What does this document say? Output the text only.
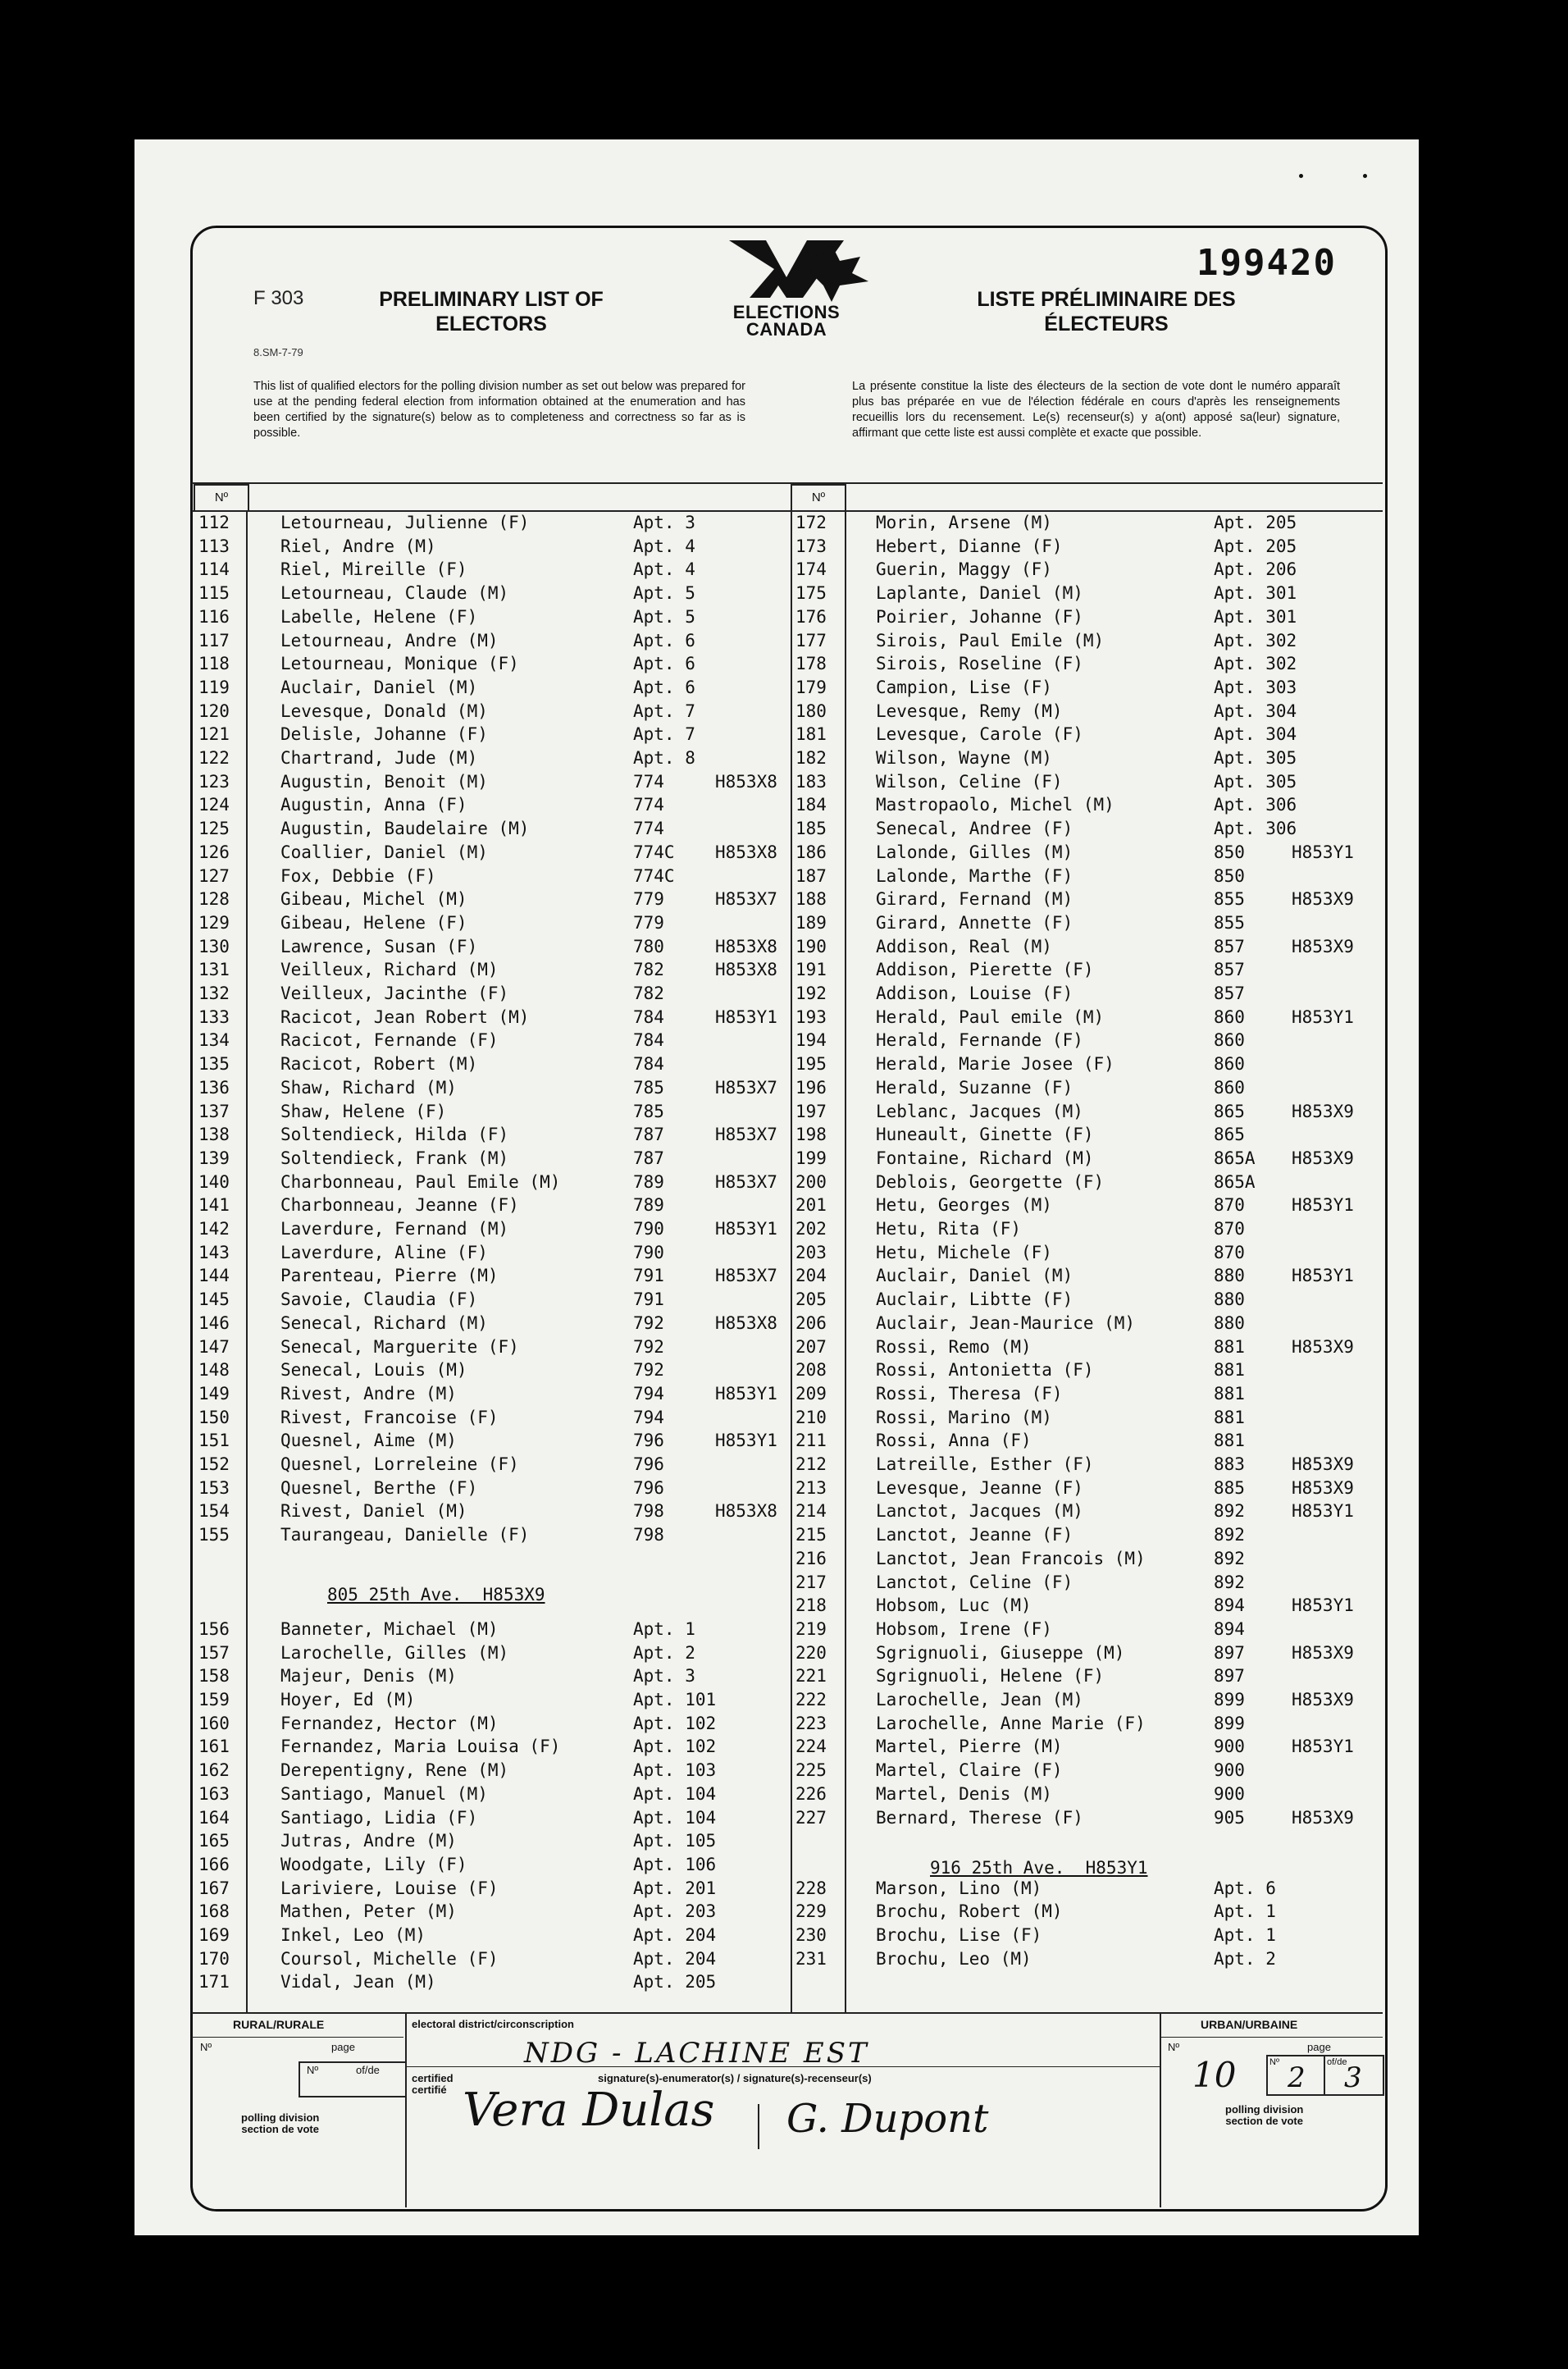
199420
F 303
8.SM-7-79
PRELIMINARY LIST OF
ELECTORS
LISTE PRÉLIMINAIRE DES
ÉLECTEURS
ELECTIONS
CANADA
This list of qualified electors for the polling division number as set out below was prepared for use at the pending federal election from information obtained at the enumeration and has been certified by the signature(s) below as to completeness and correctness so far as is possible.
La présente constitue la liste des électeurs de la section de vote dont le numéro apparaît plus bas préparée en vue de l'élection fédérale en cours d'après les renseignements recueillis lors du recensement. Le(s) recenseur(s) y a(ont) apposé sa(leur) signature, affirmant que cette liste est aussi complète et exacte que possible.
Nº	Nº
112	Letourneau, Julienne (F)	Apt. 3
113	Riel, Andre (M)	Apt. 4
114	Riel, Mireille (F)	Apt. 4
115	Letourneau, Claude (M)	Apt. 5
116	Labelle, Helene (F)	Apt. 5
117	Letourneau, Andre (M)	Apt. 6
118	Letourneau, Monique (F)	Apt. 6
119	Auclair, Daniel (M)	Apt. 6
120	Levesque, Donald (M)	Apt. 7
121	Delisle, Johanne (F)	Apt. 7
122	Chartrand, Jude (M)	Apt. 8
123	Augustin, Benoit (M)	774	H853X8
124	Augustin, Anna (F)	774
125	Augustin, Baudelaire (M)	774
126	Coallier, Daniel (M)	774C H853X8
127	Fox, Debbie (F)	774C
128	Gibeau, Michel (M)	779	H853X7
129	Gibeau, Helene (F)	779
130	Lawrence, Susan (F)	780	H853X8
131	Veilleux, Richard (M)	782	H853X8
132	Veilleux, Jacinthe (F)	782
133	Racicot, Jean Robert (M)	784	H853Y1
134	Racicot, Fernande (F)	784
135	Racicot, Robert (M)	784
136	Shaw, Richard (M)	785	H853X7
137	Shaw, Helene (F)	785
138	Soltendieck, Hilda (F)	787	H853X7
139	Soltendieck, Frank (M)	787
140	Charbonneau, Paul Emile (M)	789	H853X7
141	Charbonneau, Jeanne (F)	789
142	Laverdure, Fernand (M)	790	H853Y1
143	Laverdure, Aline (F)	790
144	Parenteau, Pierre (M)	791	H853X7
145	Savoie, Claudia (F)	791
146	Senecal, Richard (M)	792	H853X8
147	Senecal, Marguerite (F)	792
148	Senecal, Louis (M)	792
149	Rivest, Andre (M)	794	H853Y1
150	Rivest, Francoise (F)	794
151	Quesnel, Aime (M)	796	H853Y1
152	Quesnel, Lorreleine (F)	796
153	Quesnel, Berthe (F)	796
154	Rivest, Daniel (M)	798	H853X8
155	Taurangeau, Danielle (F)	798
156	Banneter, Michael (M)	Apt. 1
157	Larochelle, Gilles (M)	Apt. 2
158	Majeur, Denis (M)	Apt. 3
159	Hoyer, Ed (M)	Apt. 101
160	Fernandez, Hector (M)	Apt. 102
161	Fernandez, Maria Louisa (F)	Apt. 102
162	Derepentigny, Rene (M)	Apt. 103
163	Santiago, Manuel (M)	Apt. 104
164	Santiago, Lidia (F)	Apt. 104
165	Jutras, Andre (M)	Apt. 105
166	Woodgate, Lily (F)	Apt. 106
167	Lariviere, Louise (F)	Apt. 201
168	Mathen, Peter (M)	Apt. 203
169	Inkel, Leo (M)	Apt. 204
170	Coursol, Michelle (F)	Apt. 204
171	Vidal, Jean (M)	Apt. 205
172	Morin, Arsene (M)	Apt. 205
173	Hebert, Dianne (F)	Apt. 205
174	Guerin, Maggy (F)	Apt. 206
175	Laplante, Daniel (M)	Apt. 301
176	Poirier, Johanne (F)	Apt. 301
177	Sirois, Paul Emile (M)	Apt. 302
178	Sirois, Roseline (F)	Apt. 302
179	Campion, Lise (F)	Apt. 303
180	Levesque, Remy (M)	Apt. 304
181	Levesque, Carole (F)	Apt. 304
182	Wilson, Wayne (M)	Apt. 305
183	Wilson, Celine (F)	Apt. 305
184	Mastropaolo, Michel (M)	Apt. 306
185	Senecal, Andree (F)	Apt. 306
186	Lalonde, Gilles (M)	850	H853Y1
187	Lalonde, Marthe (F)	850
188	Girard, Fernand (M)	855	H853X9
189	Girard, Annette (F)	855
190	Addison, Real (M)	857	H853X9
191	Addison, Pierette (F)	857
192	Addison, Louise (F)	857
193	Herald, Paul emile (M)	860	H853Y1
194	Herald, Fernande (F)	860
195	Herald, Marie Josee (F)	860
196	Herald, Suzanne (F)	860
197	Leblanc, Jacques (M)	865	H853X9
198	Huneault, Ginette (F)	865
199	Fontaine, Richard (M)	865A H853X9
200	Deblois, Georgette (F)	865A
201	Hetu, Georges (M)	870	H853Y1
202	Hetu, Rita (F)	870
203	Hetu, Michele (F)	870
204	Auclair, Daniel (M)	880	H853Y1
205	Auclair, Libtte (F)	880
206	Auclair, Jean-Maurice (M)	880
207	Rossi, Remo (M)	881	H853X9
208	Rossi, Antonietta (F)	881
209	Rossi, Theresa (F)	881
210	Rossi, Marino (M)	881
211	Rossi, Anna (F)	881
212	Latreille, Esther (F)	883	H853X9
213	Levesque, Jeanne (F)	885	H853X9
214	Lanctot, Jacques (M)	892	H853Y1
215	Lanctot, Jeanne (F)	892
216	Lanctot, Jean Francois (M)	892
217	Lanctot, Celine (F)	892
218	Hobsom, Luc (M)	894	H853Y1
219	Hobsom, Irene (F)	894
220	Sgrignuoli, Giuseppe (M)	897	H853X9
221	Sgrignuoli, Helene (F)	897
222	Larochelle, Jean (M)	899	H853X9
223	Larochelle, Anne Marie (F)	899
224	Martel, Pierre (M)	900	H853Y1
225	Martel, Claire (F)	900
226	Martel, Denis (M)	900
227	Bernard, Therese (F)	905	H853X9
228	Marson, Lino (M)	Apt. 6
229	Brochu, Robert (M)	Apt. 1
230	Brochu, Lise (F)	Apt. 1
231	Brochu, Leo (M)	Apt. 2
805 25th Ave.  H853X9
916 25th Ave.  H853Y1
RURAL/RURALE	electoral district/circonscription	URBAN/URBAINE
Nº	page
Nº	of/de
polling division
section de vote
NDG - LACHINE EST
certified
certifié
signature(s)-enumerator(s) / signature(s)-recenseur(s)
Vera Dulas G. Dupont
Nº	page
10	Nº	of/de
2 3
polling division
section de vote
